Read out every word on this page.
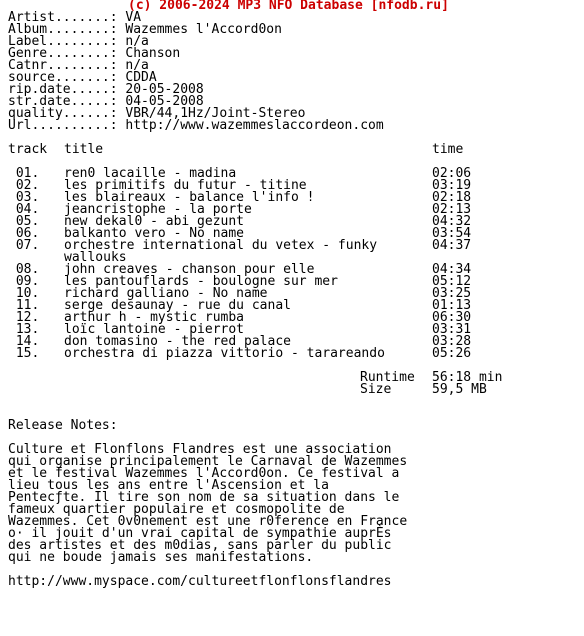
(c) 2006-2024 MP3 NFO Database [nfodb.ru]
Artist.......: VA
Album........: Wazemmes l'Accord0on
Label........: n/a
Genre........: Chanson
Catnr........: n/a
source.......: CDDA
rip.date.....: 20-05-2008
str.date.....: 04-05-2008
quality......: VBR/44,1Hz/Joint-Stereo
Url..........: http://www.wazemmeslaccordeon.com

track title	time

01. ren0 lacaille - madina	02:06
02. les primitifs du futur - titine	03:19
03. les blaireaux - balance l'info !	02:18
04. jeancristophe - la porte	02:13
05. new dekal0 - abi gezunt	04:32
06. balkanto vero - No name	03:54
07. orchestre international du vetex - funky	04:37
wallouks
08. john creaves - chanson pour elle	04:34
09. les pantouflards - boulogne sur mer	05:12
10. richard galliano - No name	03:25
11. serge desaunay - rue du canal	01:13
12. arthur h - mystic rumba	06:30
13. loïc lantoine - pierrot	03:31
14. don tomasino - the red palace	03:28
15. orchestra di piazza vittorio - tarareando	05:26

Runtime 56:18 min
Size	59,5 MB

Release Notes:

Culture et Flonflons Flandres est une association
qui organise principalement le Carnaval de Wazemmes
et le festival Wazemmes l'Accord0on. Ce festival a
lieu tous les ans entre l'Ascension et la
Pentecƒte. Il tire son nom de sa situation dans le
fameux quartier populaire et cosmopolite de
Wazemmes. Cet 0v0nement est une r0ference en France
o· il jouit d'un vrai capital de sympathie auprÈs
des artistes et des m0dias, sans parler du public
qui ne boude jamais ses manifestations.

http://www.myspace.com/cultureetflonflonsflandres
